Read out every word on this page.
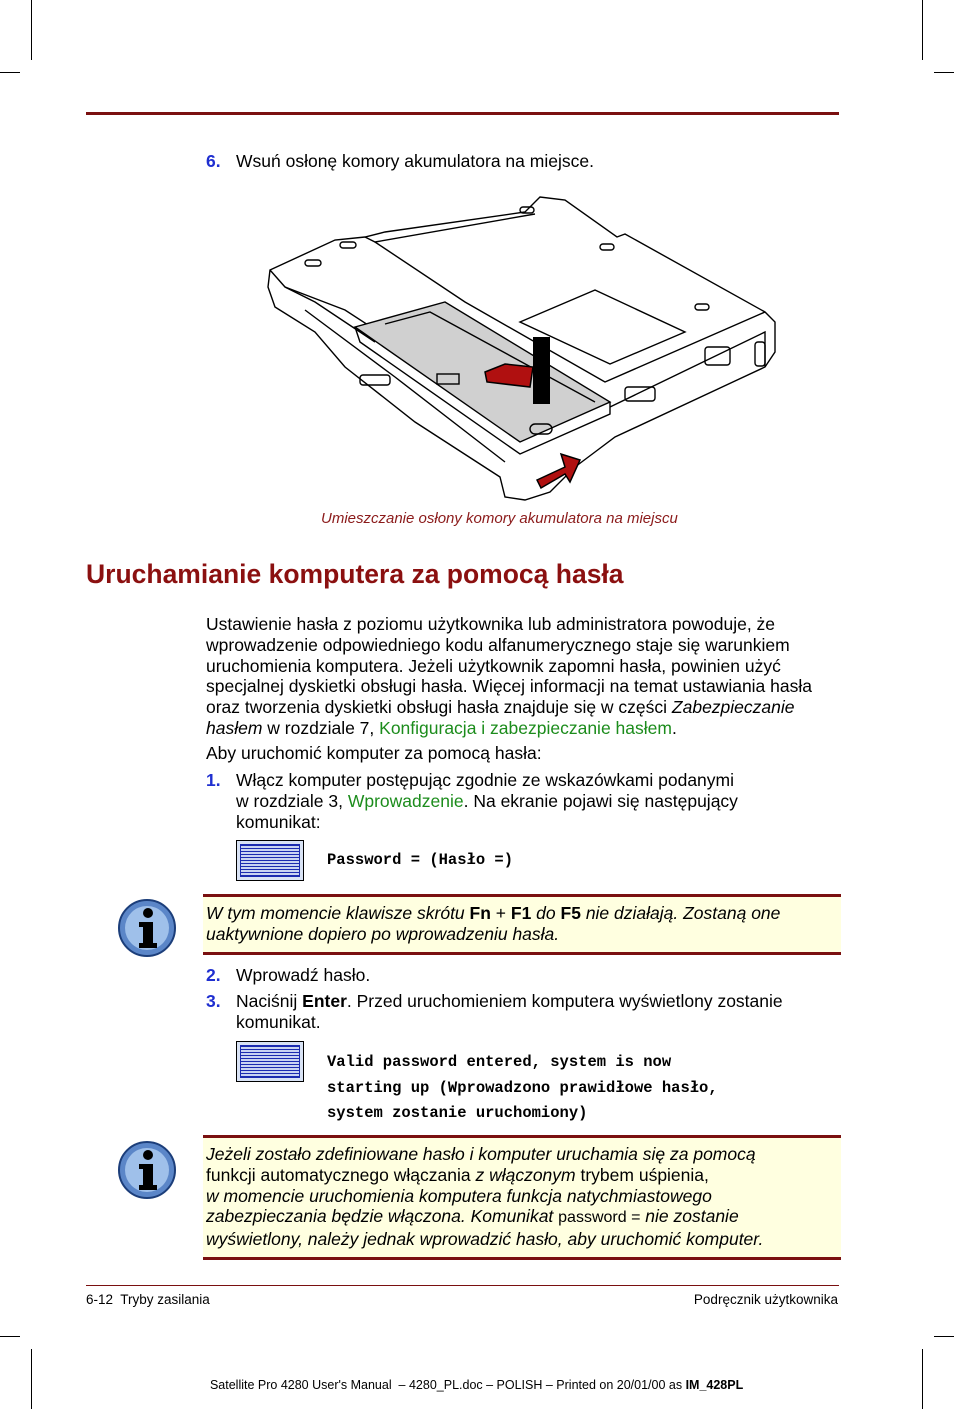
6. Wsuń osłonę komory akumulatora na miejsce.
Umieszczanie osłony komory akumulatora na miejscu
Uruchamianie komputera za pomocą hasła
Ustawienie hasła z poziomu użytkownika lub administratora powoduje, że
wprowadzenie odpowiedniego kodu alfanumerycznego staje się warunkiem
uruchomienia komputera. Jeżeli użytkownik zapomni hasła, powinien użyć
specjalnej dyskietki obsługi hasła. Więcej informacji na temat ustawiania hasła
oraz tworzenia dyskietki obsługi hasła znajduje się w części Zabezpieczanie
hasłem w rozdziale 7, Konfiguracja i zabezpieczanie hasłem.
Aby uruchomić komputer za pomocą hasła:
1. Włącz komputer postępując zgodnie ze wskazówkami podanymi
w rozdziale 3, Wprowadzenie. Na ekranie pojawi się następujący
komunikat:
Password = (Hasło =)
W tym momencie klawisze skrótu Fn + F1 do F5 nie działają. Zostaną one
uaktywnione dopiero po wprowadzeniu hasła.
2. Wprowadź hasło.
3. Naciśnij Enter. Przed uruchomieniem komputera wyświetlony zostanie
komunikat.
Valid password entered, system is now
starting up (Wprowadzono prawidłowe hasło,
system zostanie uruchomiony)
Jeżeli zostało zdefiniowane hasło i komputer uruchamia się za pomocą
funkcji automatycznego włączania z włączonym trybem uśpienia,
w momencie uruchomienia komputera funkcja natychmiastowego
zabezpieczania będzie włączona. Komunikat password = nie zostanie
wyświetlony, należy jednak wprowadzić hasło, aby uruchomić komputer.
6-12  Tryby zasilania	Podręcznik użytkownika

Satellite Pro 4280 User's Manual  – 4280_PL.doc – POLISH – Printed on 20/01/00 as IM_428PL
